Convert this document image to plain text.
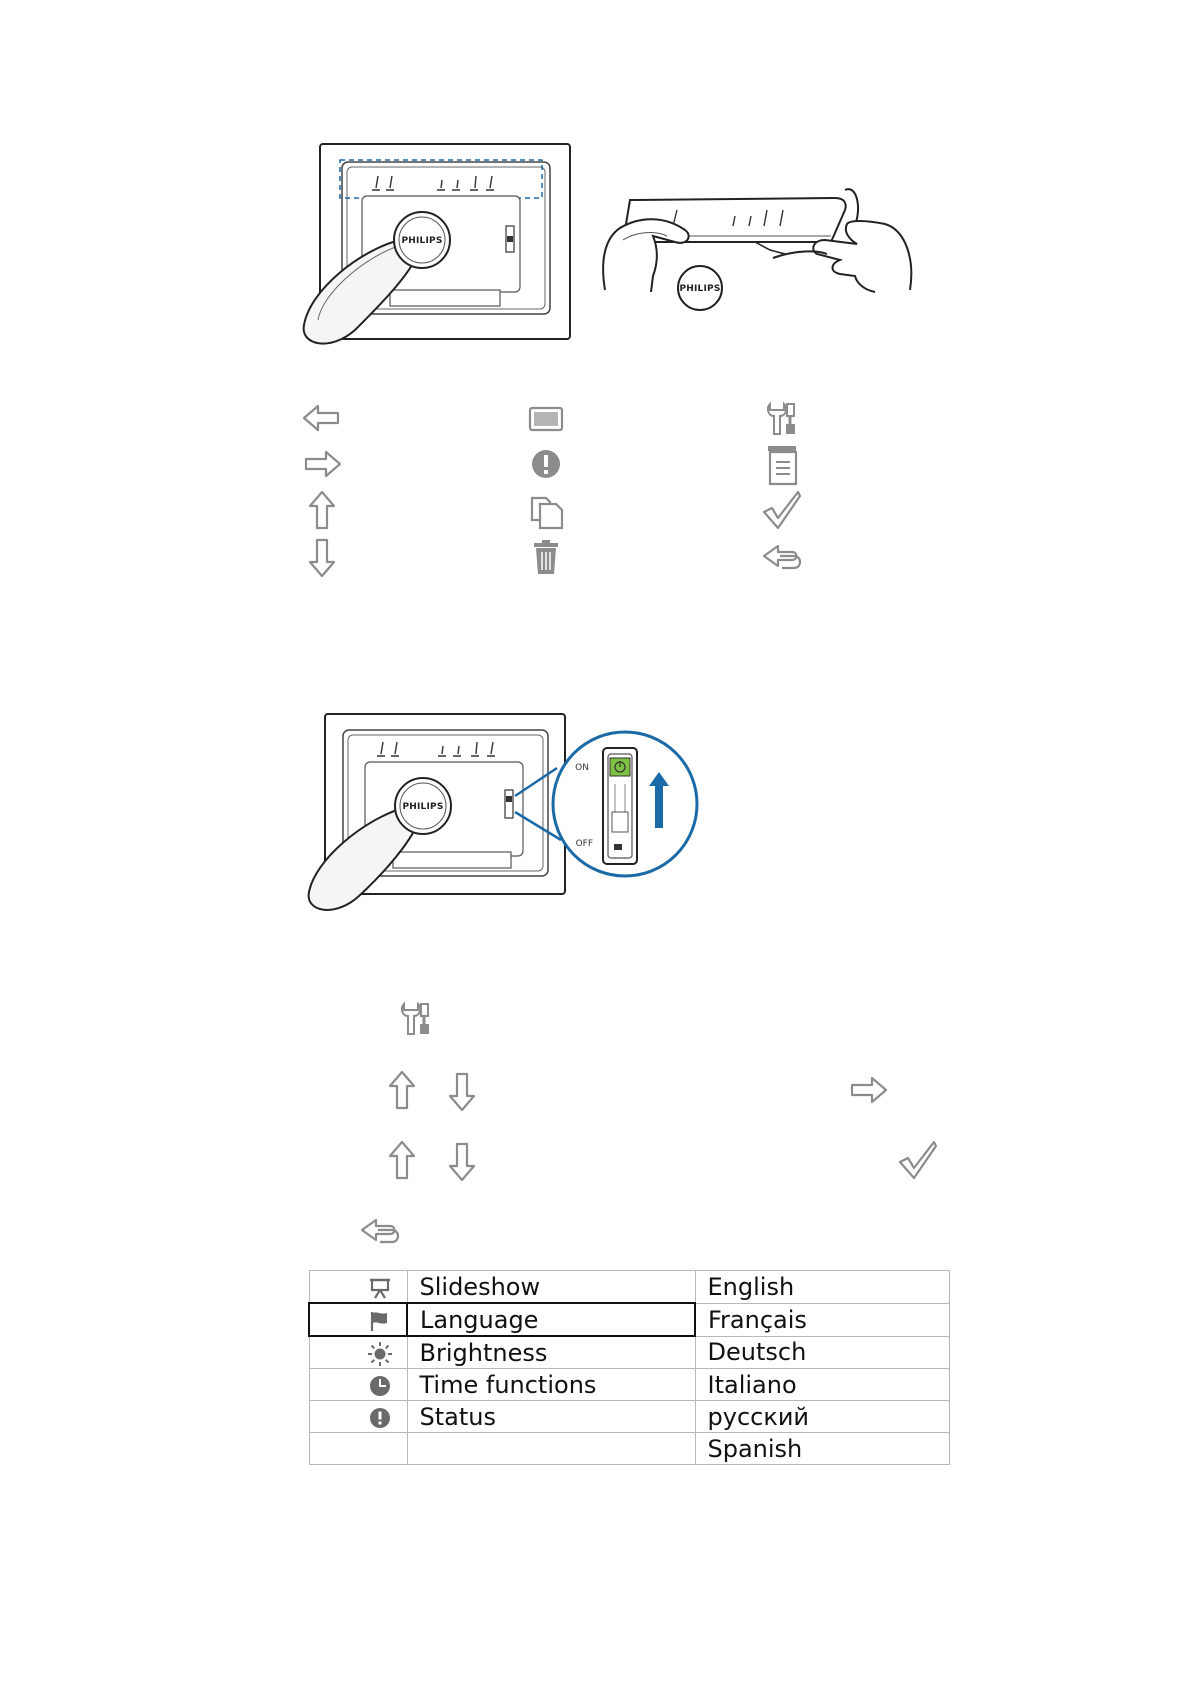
PHILIPS
PHILIPS
PHILIPS
ON
OFF
	Slideshow	English
	Language	Français
	Brightness	Deutsch
	Time functions	Italiano
	Status	русский
		Spanish
